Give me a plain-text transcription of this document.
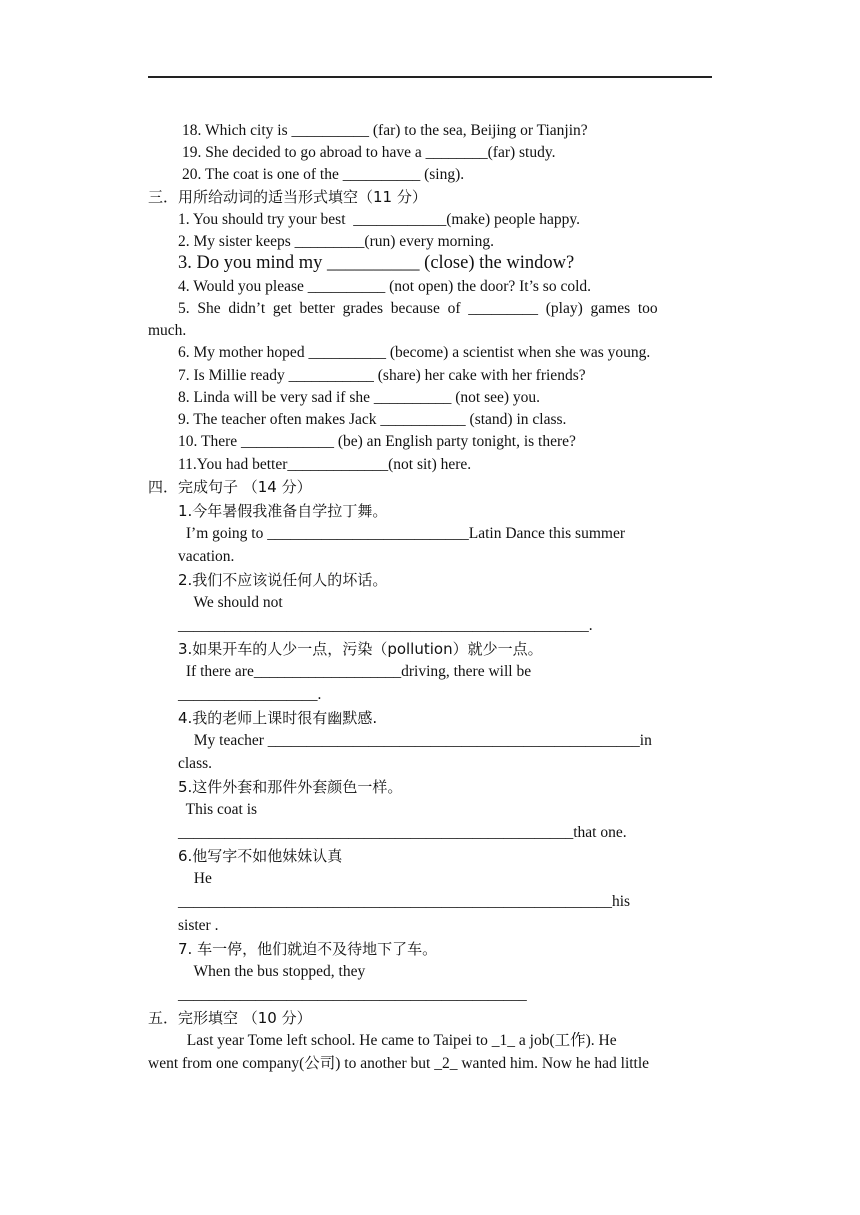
18. Which city is __________ (far) to the sea, Beijing or Tianjin?
19. She decided to go abroad to have a ________(far) study.
20. The coat is one of the __________ (sing).
三．用所给动词的适当形式填空（11 分）
1. You should try your best  ____________(make) people happy.
2. My sister keeps _________(run) every morning.
3. Do you mind my __________ (close) the window?
4. Would you please __________ (not open) the door? It’s so cold.
5.  She  didn’t  get  better  grades  because  of  _________  (play)  games  too
much.
6. My mother hoped __________ (become) a scientist when she was young.
7. Is Millie ready ___________ (share) her cake with her friends?
8. Linda will be very sad if she __________ (not see) you.
9. The teacher often makes Jack ___________ (stand) in class.
10. There ____________ (be) an English party tonight, is there?
11.You had better_____________(not sit) here.
四．完成句子 （14 分）
1.今年暑假我准备自学拉丁舞。
I’m going to __________________________Latin Dance this summer
vacation.
2.我们不应该说任何人的坏话。
We should not
_____________________________________________________.
3.如果开车的人少一点，污染（pollution）就少一点。
If there are___________________driving, there will be
__________________.
4.我的老师上课时很有幽默感.
My teacher ________________________________________________in
class.
5.这件外套和那件外套颜色一样。
This coat is
___________________________________________________that one.
6.他写字不如他妹妹认真
He
________________________________________________________his
sister .
7. 车一停，他们就迫不及待地下了车。
When the bus stopped, they
_____________________________________________
五．完形填空 （10 分）
Last year Tome left school. He came to Taipei to _1_ a job(工作). He
went from one company(公司) to another but _2_ wanted him. Now he had little
